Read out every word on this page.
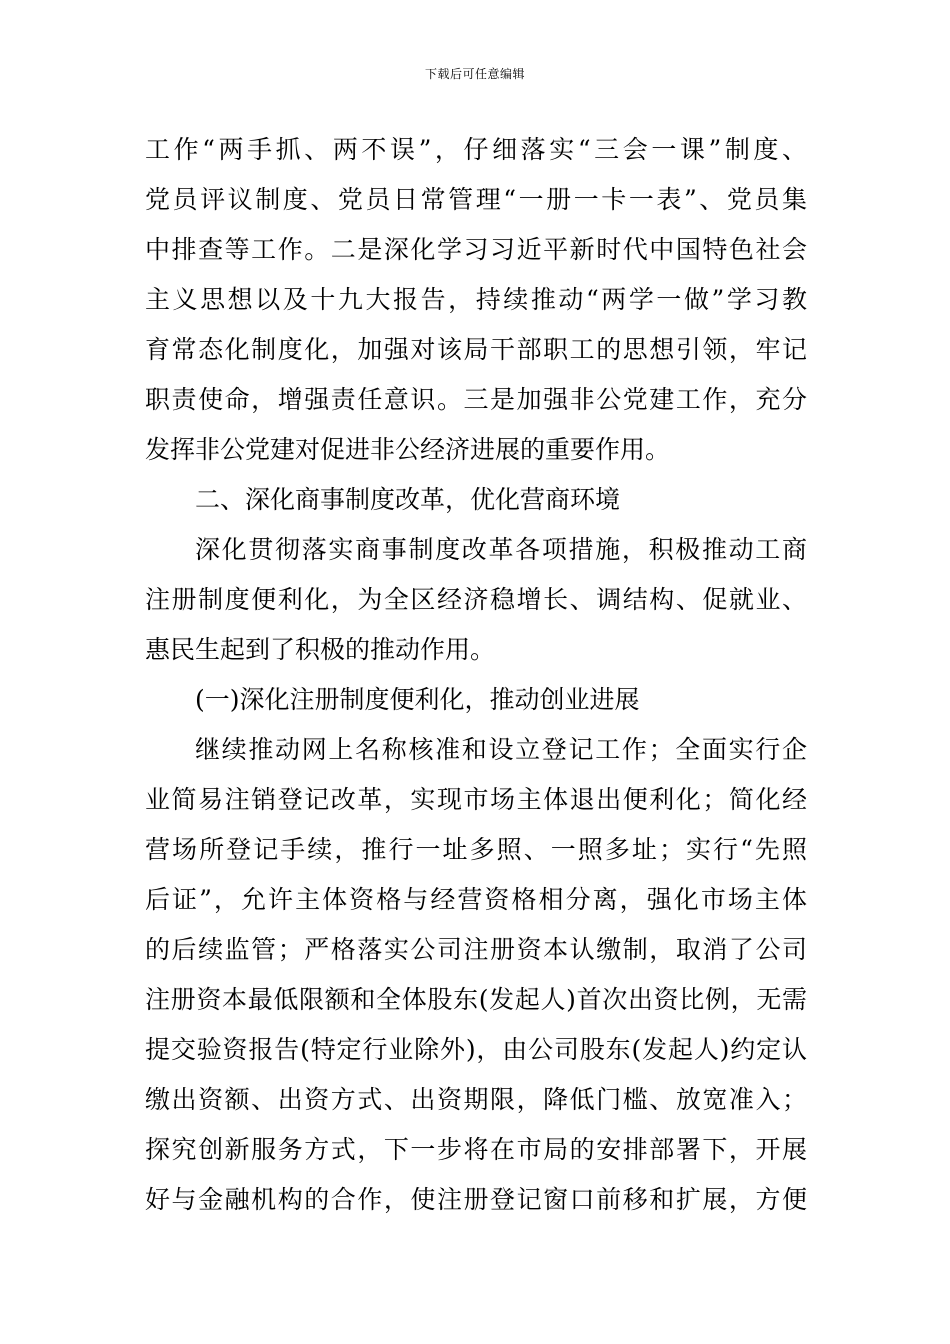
下载后可任意编辑
工作“两手抓、两不误”，仔细落实“三会一课”制度、
党员评议制度、党员日常管理“一册一卡一表”、党员集
中排查等工作。二是深化学习习近平新时代中国特色社会
主义思想以及十九大报告，持续推动“两学一做”学习教
育常态化制度化，加强对该局干部职工的思想引领，牢记
职责使命，增强责任意识。三是加强非公党建工作，充分
发挥非公党建对促进非公经济进展的重要作用。
二、深化商事制度改革，优化营商环境
深化贯彻落实商事制度改革各项措施，积极推动工商
注册制度便利化，为全区经济稳增长、调结构、促就业、
惠民生起到了积极的推动作用。
(一)深化注册制度便利化，推动创业进展
继续推动网上名称核准和设立登记工作；全面实行企
业简易注销登记改革，实现市场主体退出便利化；简化经
营场所登记手续，推行一址多照、一照多址；实行“先照
后证”，允许主体资格与经营资格相分离，强化市场主体
的后续监管；严格落实公司注册资本认缴制，取消了公司
注册资本最低限额和全体股东(发起人)首次出资比例，无需
提交验资报告(特定行业除外)，由公司股东(发起人)约定认
缴出资额、出资方式、出资期限，降低门槛、放宽准入；
探究创新服务方式，下一步将在市局的安排部署下，开展
好与金融机构的合作，使注册登记窗口前移和扩展，方便
